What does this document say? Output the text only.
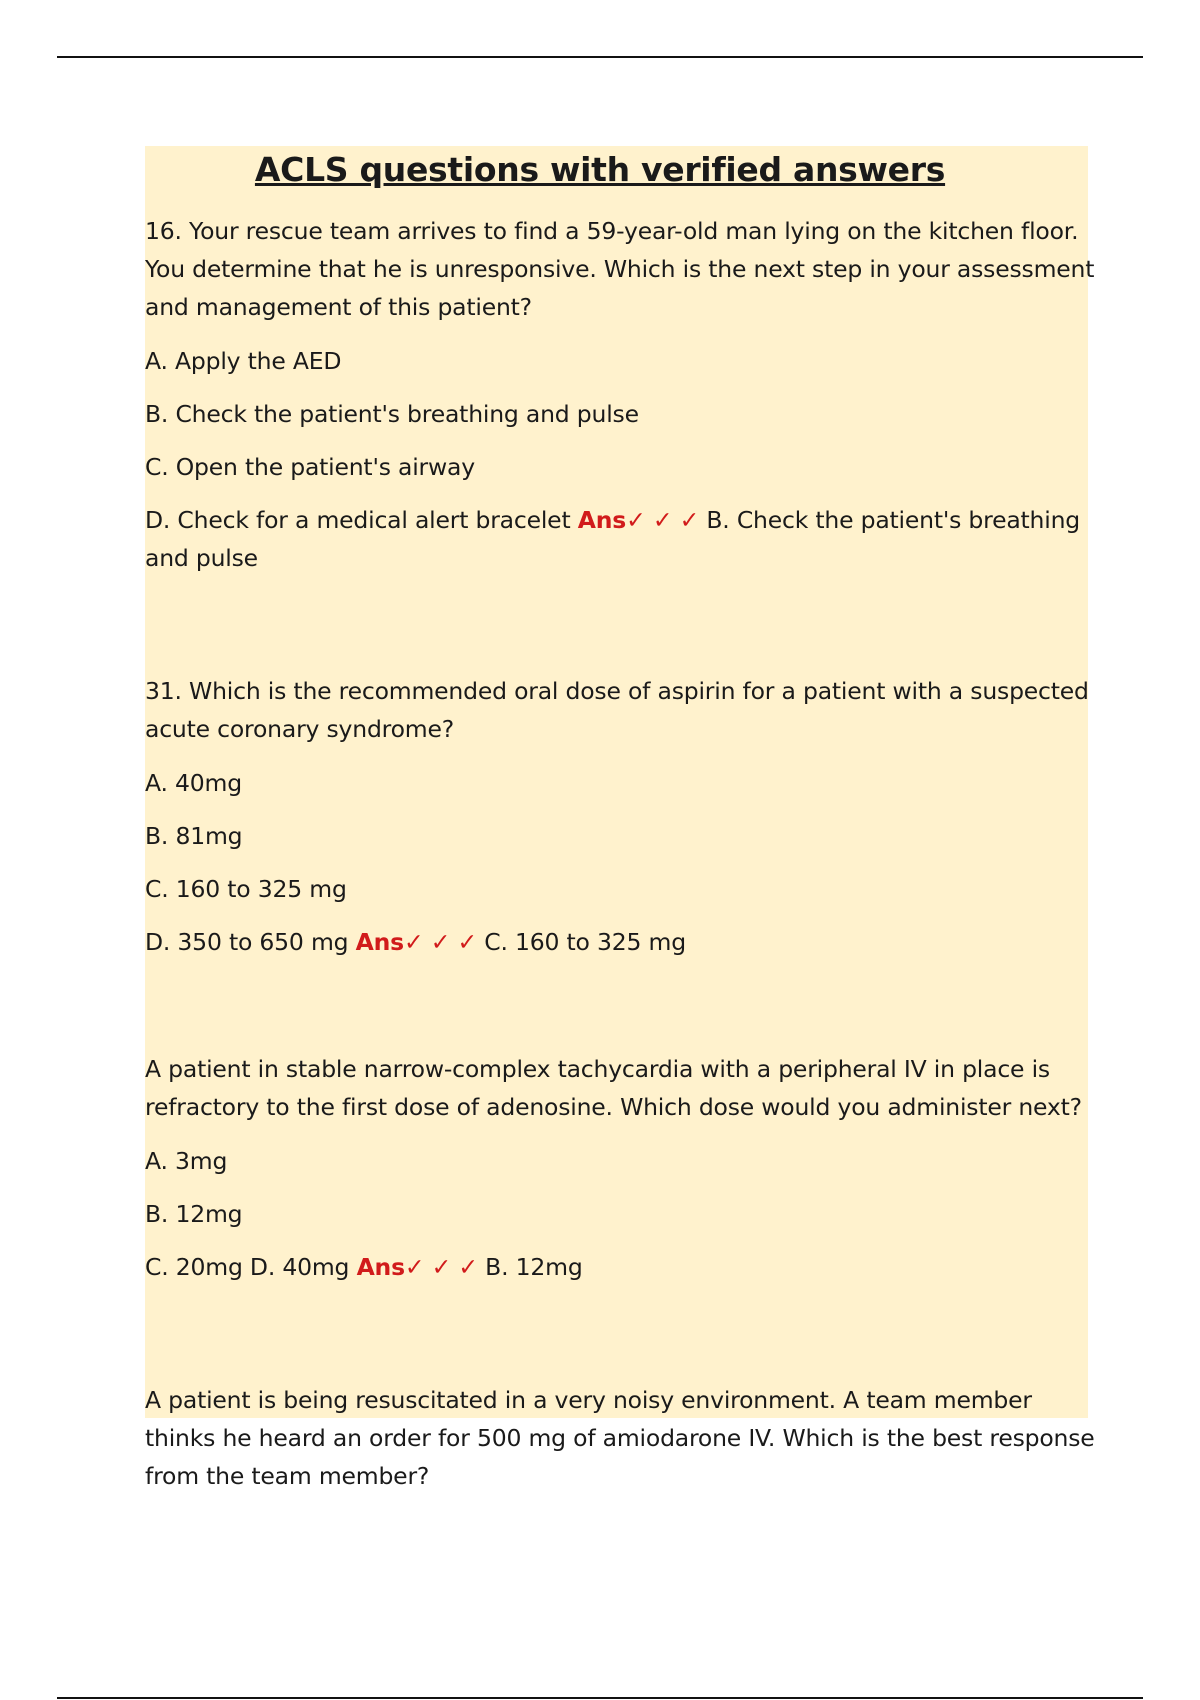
ACLS questions with verified answers

16. Your rescue team arrives to find a 59-year-old man lying on the kitchen floor. You determine that he is unresponsive. Which is the next step in your assessment and management of this patient?

A. Apply the AED

B. Check the patient's breathing and pulse

C. Open the patient's airway

D. Check for a medical alert bracelet Ans✓ ✓ ✓ B. Check the patient's breathing and pulse

31. Which is the recommended oral dose of aspirin for a patient with a suspected acute coronary syndrome?

A. 40mg

B. 81mg

C. 160 to 325 mg

D. 350 to 650 mg Ans✓ ✓ ✓ C. 160 to 325 mg

A patient in stable narrow-complex tachycardia with a peripheral IV in place is refractory to the first dose of adenosine. Which dose would you administer next?

A. 3mg

B. 12mg

C. 20mg D. 40mg Ans✓ ✓ ✓ B. 12mg

A patient is being resuscitated in a very noisy environment. A team member thinks he heard an order for 500 mg of amiodarone IV. Which is the best response from the team member?
